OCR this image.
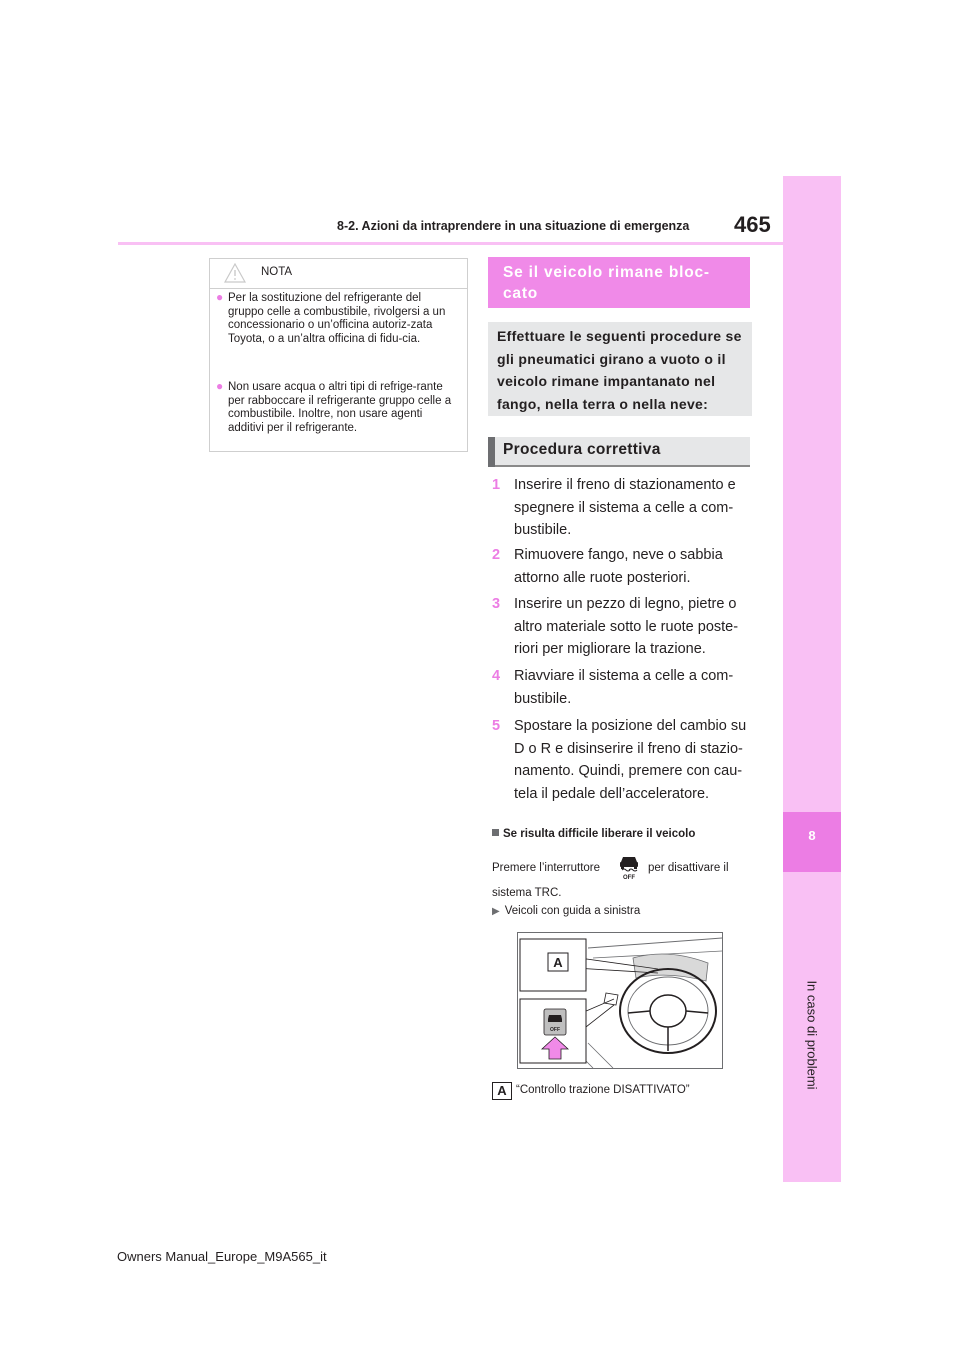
8
In caso di problemi
8-2. Azioni da intraprendere in una situazione di emergenza 465
NOTA
● Per la sostituzione del refrigerante del gruppo celle a combustibile, rivolgersi a un concessionario o un’officina autoriz-zata Toyota, o a un’altra officina di fidu-cia.
● Non usare acqua o altri tipi di refrige-rante per rabboccare il refrigerante gruppo celle a combustibile. Inoltre, non usare agenti additivi per il refrigerante.
Se il veicolo rimane bloc-cato
Effettuare le seguenti procedure se gli pneumatici girano a vuoto o il veicolo rimane impantanato nel fango, nella terra o nella neve:
Procedura correttiva
1 Inserire il freno di stazionamento e spegnere il sistema a celle a com-bustibile.
2 Rimuovere fango, neve o sabbia attorno alle ruote posteriori.
3 Inserire un pezzo di legno, pietre o altro materiale sotto le ruote poste-riori per migliorare la trazione.
4 Riavviare il sistema a celle a com-bustibile.
5 Spostare la posizione del cambio su D o R e disinserire il freno di stazio-namento. Quindi, premere con cau-tela il pedale dell’acceleratore.
Se risulta difficile liberare il veicolo
Premere l’interruttore
OFF
per disattivare il
sistema TRC.
▶ Veicoli con guida a sinistra
A
OFF
A “Controllo trazione DISATTIVATO”
Owners Manual_Europe_M9A565_it
